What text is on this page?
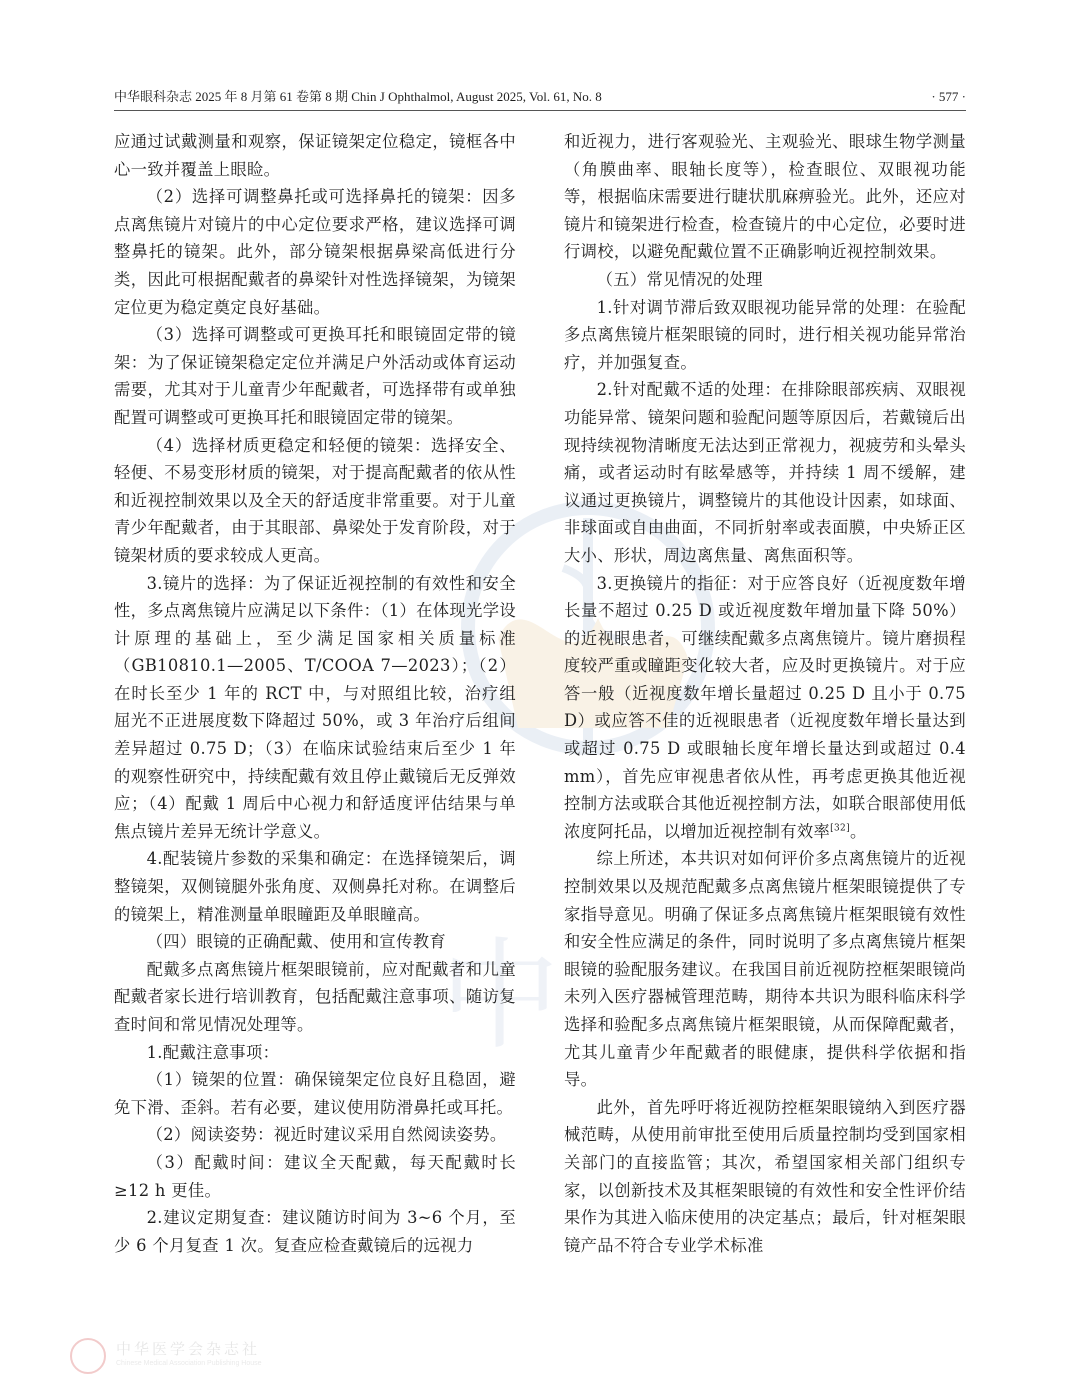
中华眼科杂志 2025 年 8 月第 61 卷第 8 期 Chin J Ophthalmol, August 2025, Vol. 61, No. 8	· 577 ·
中

应通过试戴测量和观察，保证镜架定位稳定，镜框各中心一致并覆盖上眼睑。

（2）选择可调整鼻托或可选择鼻托的镜架：因多点离焦镜片对镜片的中心定位要求严格，建议选择可调整鼻托的镜架。此外，部分镜架根据鼻梁高低进行分类，因此可根据配戴者的鼻梁针对性选择镜架，为镜架定位更为稳定奠定良好基础。

（3）选择可调整或可更换耳托和眼镜固定带的镜架：为了保证镜架稳定定位并满足户外活动或体育运动需要，尤其对于儿童青少年配戴者，可选择带有或单独配置可调整或可更换耳托和眼镜固定带的镜架。

（4）选择材质更稳定和轻便的镜架：选择安全、轻便、不易变形材质的镜架，对于提高配戴者的依从性和近视控制效果以及全天的舒适度非常重要。对于儿童青少年配戴者，由于其眼部、鼻梁处于发育阶段，对于镜架材质的要求较成人更高。

3.镜片的选择：为了保证近视控制的有效性和安全性，多点离焦镜片应满足以下条件：（1）在体现光学设计原理的基础上，至少满足国家相关质量标准（GB10810.1—2005、T/COOA 7—2023）；（2）在时长至少 1 年的 RCT 中，与对照组比较，治疗组屈光不正进展度数下降超过 50%，或 3 年治疗后组间差异超过 0.75 D；（3）在临床试验结束后至少 1 年的观察性研究中，持续配戴有效且停止戴镜后无反弹效应；（4）配戴 1 周后中心视力和舒适度评估结果与单焦点镜片差异无统计学意义。

4.配装镜片参数的采集和确定：在选择镜架后，调整镜架，双侧镜腿外张角度、双侧鼻托对称。在调整后的镜架上，精准测量单眼瞳距及单眼瞳高。

（四）眼镜的正确配戴、使用和宣传教育

配戴多点离焦镜片框架眼镜前，应对配戴者和儿童配戴者家长进行培训教育，包括配戴注意事项、随访复查时间和常见情况处理等。

1.配戴注意事项：

（1）镜架的位置：确保镜架定位良好且稳固，避免下滑、歪斜。若有必要，建议使用防滑鼻托或耳托。

（2）阅读姿势：视近时建议采用自然阅读姿势。

（3）配戴时间：建议全天配戴，每天配戴时长≥12 h 更佳。

2.建议定期复查：建议随访时间为 3~6 个月，至少 6 个月复查 1 次。复查应检查戴镜后的远视力

和近视力，进行客观验光、主观验光、眼球生物学测量（角膜曲率、眼轴长度等），检查眼位、双眼视功能等，根据临床需要进行睫状肌麻痹验光。此外，还应对镜片和镜架进行检查，检查镜片的中心定位，必要时进行调校，以避免配戴位置不正确影响近视控制效果。

（五）常见情况的处理

1.针对调节滞后致双眼视功能异常的处理：在验配多点离焦镜片框架眼镜的同时，进行相关视功能异常治疗，并加强复查。

2.针对配戴不适的处理：在排除眼部疾病、双眼视功能异常、镜架问题和验配问题等原因后，若戴镜后出现持续视物清晰度无法达到正常视力，视疲劳和头晕头痛，或者运动时有眩晕感等，并持续 1 周不缓解，建议通过更换镜片，调整镜片的其他设计因素，如球面、非球面或自由曲面，不同折射率或表面膜，中央矫正区大小、形状，周边离焦量、离焦面积等。

3.更换镜片的指征：对于应答良好（近视度数年增长量不超过 0.25 D 或近视度数年增加量下降 50%）的近视眼患者，可继续配戴多点离焦镜片。镜片磨损程度较严重或瞳距变化较大者，应及时更换镜片。对于应答一般（近视度数年增长量超过 0.25 D 且小于 0.75 D）或应答不佳的近视眼患者（近视度数年增长量达到或超过 0.75 D 或眼轴长度年增长量达到或超过 0.4 mm），首先应审视患者依从性，再考虑更换其他近视控制方法或联合其他近视控制方法，如联合眼部使用低浓度阿托品，以增加近视控制有效率[32]。

综上所述，本共识对如何评价多点离焦镜片的近视控制效果以及规范配戴多点离焦镜片框架眼镜提供了专家指导意见。明确了保证多点离焦镜片框架眼镜有效性和安全性应满足的条件，同时说明了多点离焦镜片框架眼镜的验配服务建议。在我国目前近视防控框架眼镜尚未列入医疗器械管理范畴，期待本共识为眼科临床科学选择和验配多点离焦镜片框架眼镜，从而保障配戴者，尤其儿童青少年配戴者的眼健康，提供科学依据和指导。

此外，首先呼吁将近视防控框架眼镜纳入到医疗器械范畴，从使用前审批至使用后质量控制均受到国家相关部门的直接监管；其次，希望国家相关部门组织专家，以创新技术及其框架眼镜的有效性和安全性评价结果作为其进入临床使用的决定基点；最后，针对框架眼镜产品不符合专业学术标准

中华医学会杂志社
Chinese Medical Association Publishing House
